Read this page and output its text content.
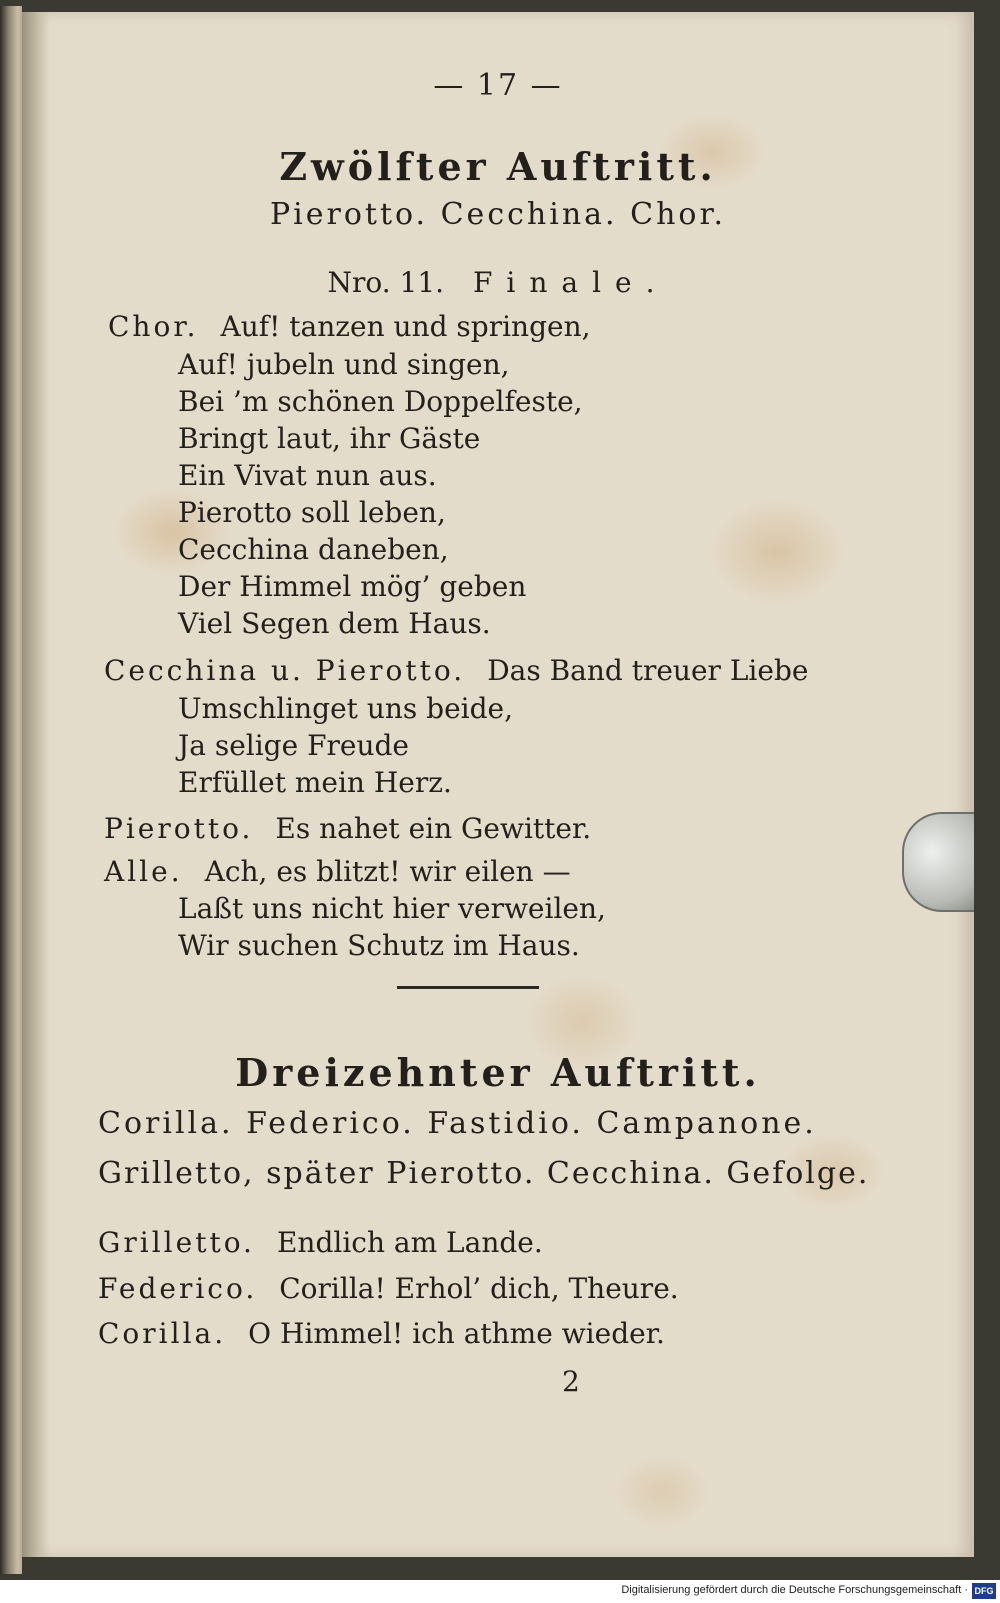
— 17 —
Zwölfter Auftritt.
Pierotto. Cecchina. Chor.
Nro. 11. Finale.
Chor. Auf! tanzen und springen,
Auf! jubeln und singen,
Bei ’m schönen Doppelfeste,
Bringt laut, ihr Gäste
Ein Vivat nun aus.
Pierotto soll leben,
Cecchina daneben,
Der Himmel mög’ geben
Viel Segen dem Haus.
Cecchina u. Pierotto. Das Band treuer Liebe
Umschlinget uns beide,
Ja selige Freude
Erfüllet mein Herz.
Pierotto. Es nahet ein Gewitter.
Alle. Ach, es blitzt! wir eilen —
Laßt uns nicht hier verweilen,
Wir suchen Schutz im Haus.
Dreizehnter Auftritt.
Corilla. Federico. Fastidio. Campanone.
Grilletto, später Pierotto. Cecchina. Gefolge.
Grilletto. Endlich am Lande.
Federico. Corilla! Erhol’ dich, Theure.
Corilla. O Himmel! ich athme wieder.
2
Digitalisierung gefördert durch die Deutsche Forschungsgemeinschaft · DFG
